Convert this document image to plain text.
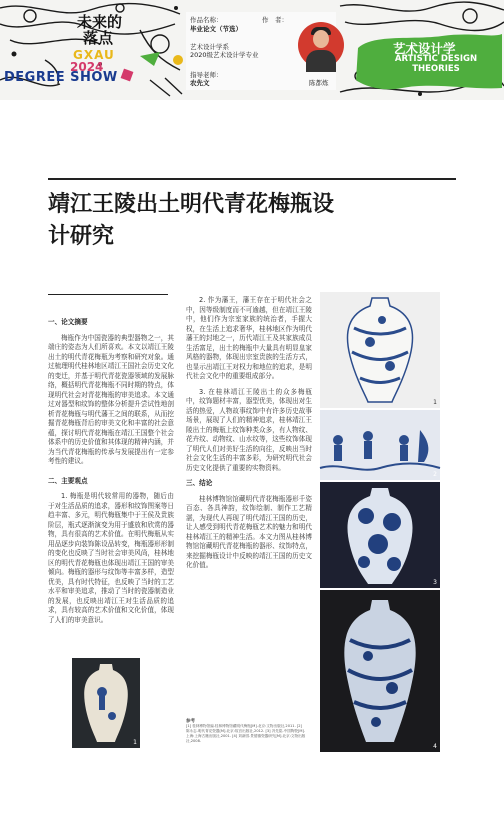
未来的
落点
GXAU
2024
DEGREE SHOW
作品名称：
毕业论文（节选）
作　者：
艺术设计学系
2020级艺术设计学专业
指导老师：
农先文	陈都炼
艺术设计学
ARTISTIC DESIGN THEORIES
靖江王陵出土明代青花梅瓶设计研究
一、论文摘要

梅瓶作为中国瓷器的典型器物之一，其端庄的姿态为人们所喜欢。本文以靖江王陵出土的明代青花梅瓶为考察和研究对象。通过梳理明代桂林地区靖江王国社会历史文化的变迁，并基于明代青花瓷器领域的发展脉络，概括明代青花梅瓶不同时期的特点，体现明代社会对青花梅瓶的审美追求。本文通过对器型和纹饰的整体分析提升尝试性地剖析青花梅瓶与明代藩王之间的联系，从而挖掘青花梅瓶背后的审美文化和丰富的社会意蕴，探讨明代青花梅瓶在靖江王国整个社会体系中的历史价值和其体现的精神内涵，并为当代青花梅瓶的传承与发展提出有一定参考性的建议。

二、主要观点

1. 梅瓶是明代较常用的器物，随后由于对生活品质的追求，器形和纹饰图案等日趋丰富、多元，明代梅瓶集中于王侯及贵族阶层，瓶式逐渐演变为用于盛放和欣赏的器物，具有很高的艺术价值。在明代梅瓶从实用品逐步向装饰陈设品转变，梅瓶器形形制的变化也反映了当时社会审美风尚，桂林地区的明代青花梅瓶也体现出靖江王国的审美倾向。梅瓶的器形与纹饰等丰富多样，造型优美，具有时代特征，也反映了当时的工艺水平和审美追求，推动了当时的瓷器制造业的发展，也反映出靖江王对生活品质的追求，具有较高的艺术价值和文化价值，体现了人们的审美意识。

2. 作为藩王，藩王存在于明代社会之中，因等级制度而不可逾越，但在靖江王陵中，他们作为宗室家族的统治者，手握大权，在生活上追求奢华，桂林地区作为明代藩王的封地之一，历代靖江王及其家族成员生活富足，出土的梅瓶中大量具有明显皇家风格的器物，体现出宗室贵族的生活方式，也显示出靖江王对权力和地位的追求，是明代社会文化中的重要组成部分。

3. 在桂林靖江王陵出土的众多梅瓶中，纹饰题材丰富，器型优美，体现出对生活的热爱，人物故事纹饰中有许多历史故事场景，展现了人们的精神追求，桂林靖江王陵出土的梅瓶上纹饰种类众多，有人物纹、花卉纹、动物纹、山水纹等，这些纹饰体现了明代人们对美好生活的向往，反映出当时社会文化生活的丰富多彩，为研究明代社会历史文化提供了重要的实物资料。

三、结论

桂林博物馆馆藏明代青花梅瓶器形千姿百态、各具神韵，纹饰绘制、制作工艺精湛，为现代人再现了明代靖江王国的历史，让人感受到明代青花梅瓶艺术的魅力和明代桂林靖江王的精神生活。本文力图从桂林博物馆馆藏明代青花梅瓶的器形、纹饰特点，来挖掘梅瓶设计中反映的靖江王国的历史文化价值。

参考
[1] 桂林博物馆编.桂林博物馆藏明代梅瓶[M].北京:文物出版社,2011. [2] 陈永志.明代青花瓷器[M].北京:故宫出版社,2012. [3] 冯先铭.中国陶瓷[M].上海:上海古籍出版社,2001. [4] 刘新园.景德镇瓷器研究[M].北京:文物出版社,2008.
1
2
3
4
1
